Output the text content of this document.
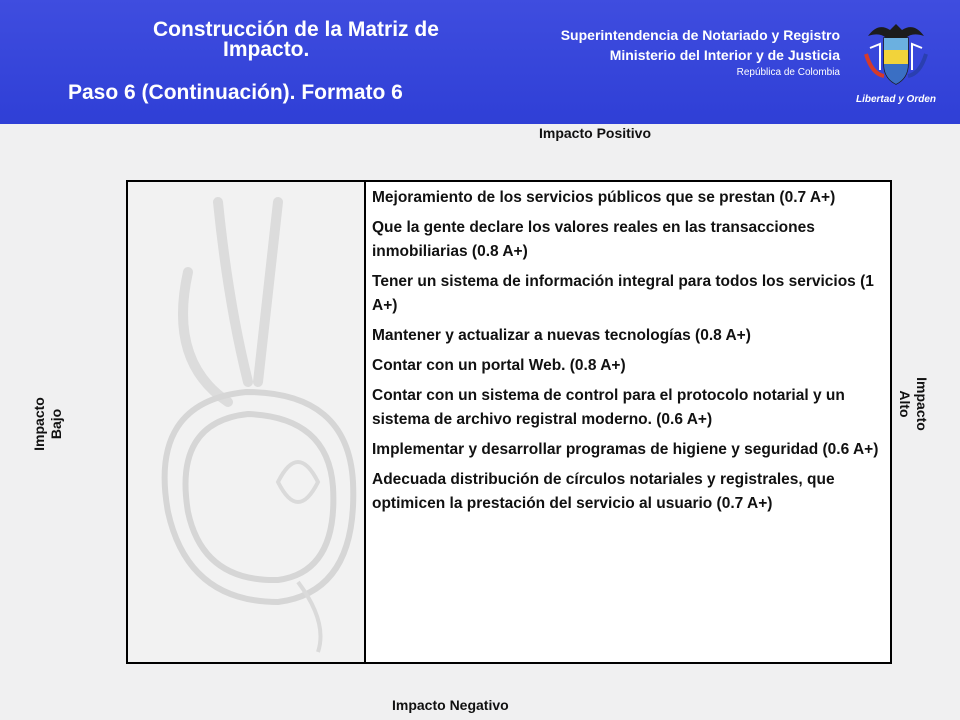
Construcción de la Matriz de
Impacto.
Paso 6 (Continuación). Formato 6
Superintendencia de Notariado y Registro
Ministerio del Interior y de Justicia
República de Colombia
Libertad y Orden
Impacto Positivo
Impacto Negativo
Impacto Bajo	Impacto
Alto

Mejoramiento de los servicios públicos que se prestan (0.7 A+)

Que la gente declare los valores reales en las transacciones inmobiliarias (0.8 A+)

Tener un sistema de información integral para todos los servicios (1 A+)

Mantener y actualizar a nuevas tecnologías (0.8 A+)

Contar con un portal Web. (0.8 A+)

Contar con un sistema de control para el protocolo notarial y un sistema de archivo registral moderno. (0.6 A+)

Implementar y desarrollar programas de higiene y seguridad (0.6 A+)

Adecuada distribución de círculos notariales y registrales, que optimicen la prestación del servicio al usuario (0.7 A+)
